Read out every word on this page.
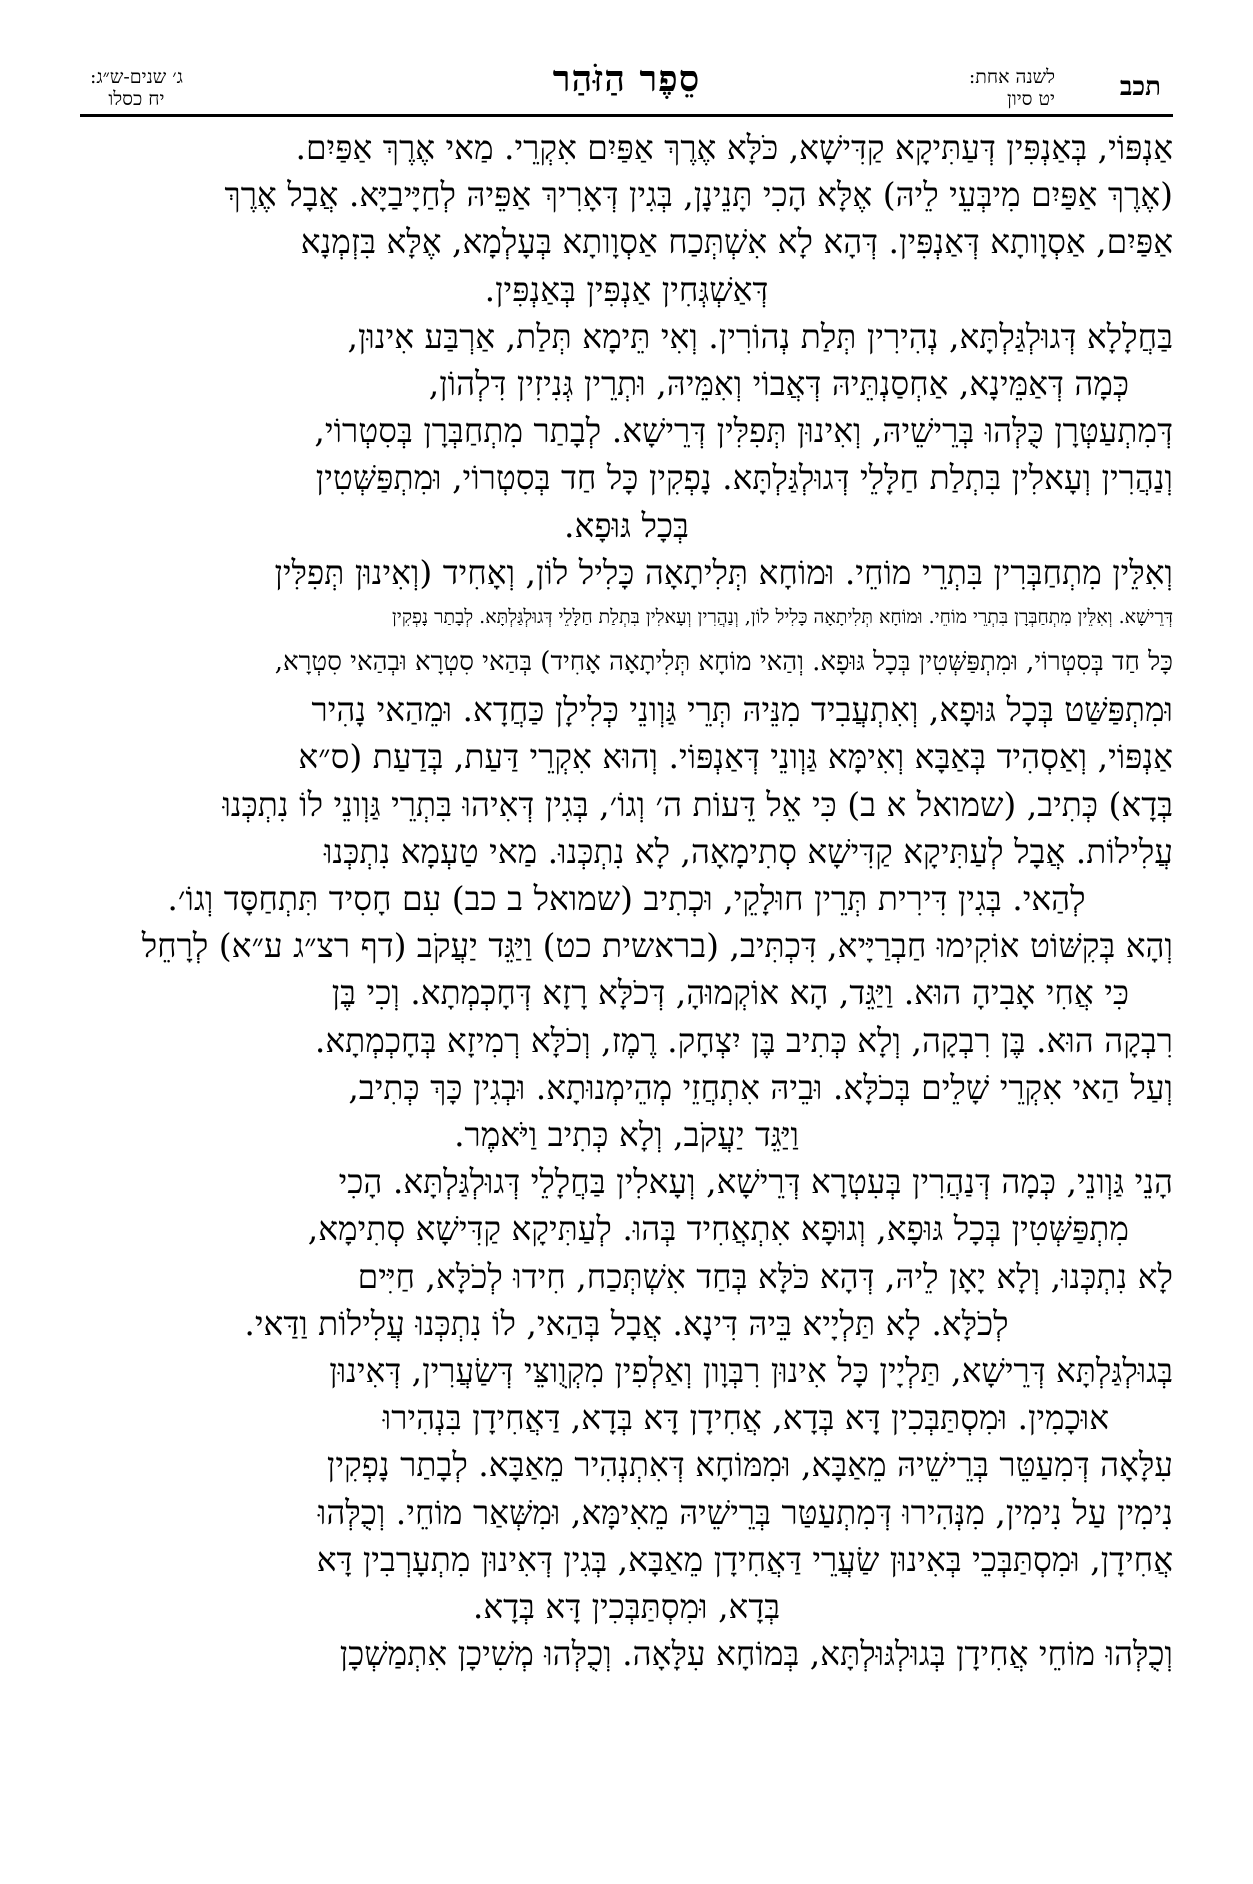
תכב
לשנה אחת:
יט סיון
סֵפֶר הַזֹּהַר
ג׳ שנים-ש״ג:
יח כסלו
אַנְפּוֹי, בְּאַנְפִּין דְּעַתִּיקָא קַדִּישָׁא, כֹּלָּא אֶרֶךְ אַפַּיִם אִקְרֵי. מַאי אֶרֶךְ אַפַּיִם.
(אֶרֶךְ אַפַּיִם מִיבְּעֵי לֵיהּ) אֶלָּא הָכִי תָּנֵינָן, בְּגִין דְּאָרִיךְ אַפֵּיהּ לְחַיָּיבַיָּא. אֲבָל אֶרֶךְ
אַפַּיִם, אַסְוָותָא דְּאַנְפִּין. דְּהָא לָא אִשְׁתְּכַח אַסְוָותָא בְּעָלְמָא, אֶלָּא בִּזְמְנָא
דְּאַשְׁגְּחִין אַנְפִּין בְּאַנְפִּין.
בַּחֲלָלָא דְּגוּלְגַּלְתָּא, נְהִירִין תְּלַת נְהוֹרִין. וְאִי תֵּימָא תְּלַת, אַרְבַּע אִינוּן,
כְּמָה דְּאַמֵּינָא, אַחְסַנְתֵּיהּ דְּאֲבוֹי וְאִמֵּיהּ, וּתְרֵין גְּנִיזִין דִּלְהוֹן,
דְּמִתְעַטְּרָן כֻּלְּהוּ בְּרֵישֵׁיהּ, וְאִינוּן תְּפִלִּין דְּרֵישָׁא. לְבָתַר מִתְחַבְּרָן בְּסִטְרוֹי,
וְנַהֲרִין וְעָאלִין בִּתְלַת חַלָּלֵי דְּגוּלְגַּלְתָּא. נָפְקִין כָּל חַד בְּסִטְרוֹי, וּמִתְפַּשְּׁטִין
בְּכָל גּוּפָא.
וְאִלֵּין מִתְחַבְּרִין בִּתְרֵי מוֹחֵי. וּמוֹחָא תְּלִיתָאָה כָּלִיל לוֹן, וְאָחִיד (וְאִינוּן תְּפִלִּין
דְּרֵישָׁא. וְאִלֵּין מִתְחַבְּרָן בִּתְרֵי מוֹחֵי. וּמוֹחָא תְּלִיתָאָה כָּלִיל לוֹן, וְנַהֲרִין וְעָאלִין בִּתְלַת חַלָּלֵי דְּגוּלְגַּלְתָּא. לְבָתַר נָפְקִין
כָּל חַד בְּסִטְרוֹי, וּמִתְפַּשְּׁטִין בְּכָל גּוּפָא. וְהַאי מוֹחָא תְּלִיתָאָה אָחִיד) בְּהַאי סִטְרָא וּבְהַאי סִטְרָא,
וּמִתְפַּשַּׁט בְּכָל גּוּפָא, וְאִתְעֲבִיד מִנֵּיהּ תְּרֵי גַּוְונֵי כְּלִילָן כַּחֲדָא. וּמֵהַאי נָהִיר
אַנְפּוֹי, וְאַסְהִיד בְּאַבָּא וְאִימָּא גַּוְונֵי דְּאַנְפּוֹי. וְהוּא אִקְרֵי דַּעַת, בְּדַעַת (ס״א
בְּדָא) כְּתִיב, (שמואל א ב) כִּי אֵל דֵּעוֹת ה׳ וְגוֹ׳, בְּגִין דְּאִיהוּ בִּתְרֵי גַּוְונֵי לוֹ נִתְכְּנוּ
עֲלִילוֹת. אֲבָל לְעַתִּיקָא קַדִּישָׁא סְתִימָאָה, לָא נִתְכְּנוּ. מַאי טַעְמָא נִתְכְּנוּ
לְהַאי. בְּגִין דִּירִית תְּרֵין חוּלָקֵי, וּכְתִיב (שמואל ב כב) עִם חָסִיד תִּתְחַסָּד וְגוֹ׳.
וְהָא בְּקִשּׁוֹט אוֹקִימוּ חַבְרַיָּיא, דִּכְתִּיב, (בראשית כט) וַיַּגֵּד יַעֲקֹב (דף רצ״ג ע״א) לְרָחֵל
כִּי אֲחִי אָבִיהָ הוּא. וַיַּגֵּד, הָא אוֹקְמוּהָ, דְּכֹלָּא רָזָא דְּחָכְמְתָא. וְכִי בֶּן
רִבְקָה הוּא. בֶּן רִבְקָה, וְלָא כְּתִיב בֶּן יִצְחָק. רֶמֶז, וְכֹלָּא רְמִיזָא בְּחָכְמְתָא.
וְעַל הַאי אִקְרֵי שָׁלֵים בְּכֹלָּא. וּבֵיהּ אִתְחֲזֵי מְהֵימְנוּתָא. וּבְגִין כָּךְ כְּתִיב,
וַיַּגֵּד יַעֲקֹב, וְלָא כְּתִיב וַיֹּאמֶר.
הָנֵי גַּוְונֵי, כְּמָה דְּנַהֲרִין בְּעִטְרָא דְּרֵישָׁא, וְעָאלִין בַּחֲלָלֵי דְּגוּלְגַּלְתָּא. הָכִי
מִתְפַּשְּׁטִין בְּכָל גּוּפָא, וְגוּפָא אִתְאֲחִיד בְּהוּ. לְעַתִּיקָא קַדִּישָׁא סְתִימָא,
לָא נִתְכְּנוּ, וְלָא יָאָן לֵיהּ, דְּהָא כֹּלָּא בְּחַד אִשְׁתְּכַח, חִידוּ לְכֹלָּא, חַיִּים
לְכֹלָּא. לָא תַּלְיָיא בֵּיהּ דִּינָא. אֲבָל בְּהַאי, לוֹ נִתְכְּנוּ עֲלִילוֹת וַדַּאי.
בְּגוּלְגַּלְתָּא דְּרֵישָׁא, תַּלְיָין כָּל אִינוּן רִבְּוָון וְאַלְפִין מִקְוֻוצֵּי דְּשַׂעֲרִין, דְּאִינוּן
אוּכָמִין. וּמִסְתַּבְּכִין דָּא בְּדָא, אֲחִידָן דָּא בְּדָא, דַּאֲחִידָן בִּנְהִירוּ
עִלָּאָה דְּמִעַטֵּר בְּרֵישֵׁיהּ מֵאַבָּא, וּמִמּוֹחָא דְּאִתְנְהִיר מֵאַבָּא. לְבָתַר נָפְקִין
נִימִין עַל נִימִין, מִנְּהִירוּ דְּמִתְעַטַּר בְּרֵישֵׁיהּ מֵאִימָּא, וּמִשְּׁאַר מוֹחֵי. וְכֻלְּהוּ
אֲחִידָן, וּמִסְתַּבְּכֵי בְּאִינוּן שַׂעֲרֵי דַּאֲחִידָן מֵאַבָּא, בְּגִין דְּאִינוּן מִתְעָרְבִין דָּא
בְּדָא, וּמִסְתַּבְּכִין דָּא בְּדָא.
וְכֻלְּהוּ מוֹחֵי אֲחִידָן בְּגוּלְגּוּלְתָּא, בְּמוֹחָא עִלָּאָה. וְכֻלְּהוּ מְשִׁיכָן אִתְמַשְׁכָן
